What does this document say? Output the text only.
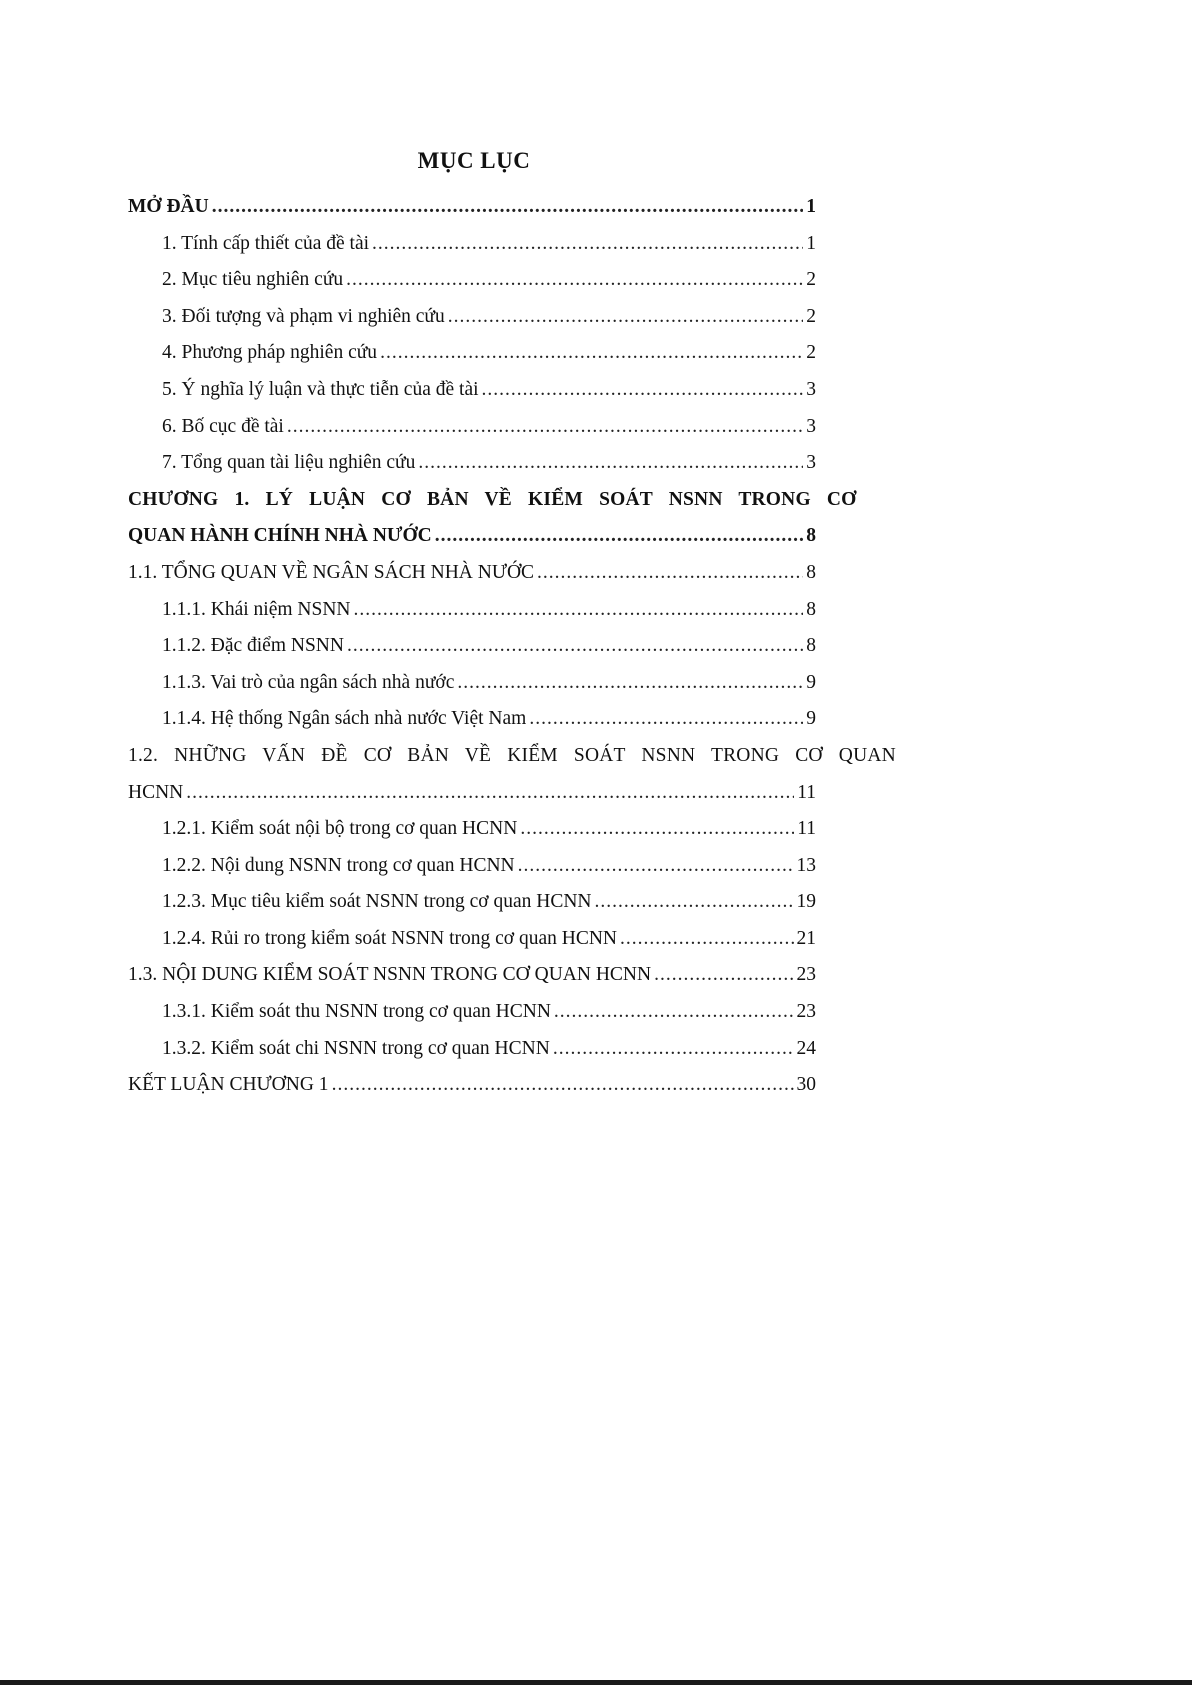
MỤC LỤC
MỞ ĐẦU .....	1
1. Tính cấp thiết của đề tài .....	1
2. Mục tiêu nghiên cứu .....	2
3. Đối tượng và phạm vi nghiên cứu .....	2
4. Phương pháp nghiên cứu .....	2
5. Ý nghĩa lý luận và thực tiễn của đề tài .....	3
6. Bố cục đề tài .....	3
7. Tổng quan tài liệu nghiên cứu .....	3
CHƯƠNG 1. LÝ LUẬN CƠ BẢN VỀ KIỂM SOÁT NSNN TRONG CƠ
QUAN HÀNH CHÍNH NHÀ NƯỚC .....	8
1.1. TỔNG QUAN VỀ NGÂN SÁCH NHÀ NƯỚC .....	8
1.1.1. Khái niệm NSNN .....	8
1.1.2. Đặc điểm NSNN .....	8
1.1.3. Vai trò của ngân sách nhà nước .....	9
1.1.4. Hệ thống Ngân sách nhà nước Việt Nam .....	9
1.2. NHỮNG VẤN ĐỀ CƠ BẢN VỀ KIỂM SOÁT NSNN TRONG CƠ QUAN
HCNN .....	11
1.2.1. Kiểm soát nội bộ trong cơ quan HCNN .....	11
1.2.2. Nội dung NSNN trong cơ quan HCNN .....	13
1.2.3. Mục tiêu kiểm soát NSNN trong cơ quan HCNN .....	19
1.2.4. Rủi ro trong kiểm soát NSNN trong cơ quan HCNN .....	21
1.3. NỘI DUNG KIỂM SOÁT NSNN TRONG CƠ QUAN HCNN .....	23
1.3.1. Kiểm soát thu NSNN trong cơ quan HCNN .....	23
1.3.2. Kiểm soát chi NSNN trong cơ quan HCNN .....	24
KẾT LUẬN CHƯƠNG 1 .....	30
